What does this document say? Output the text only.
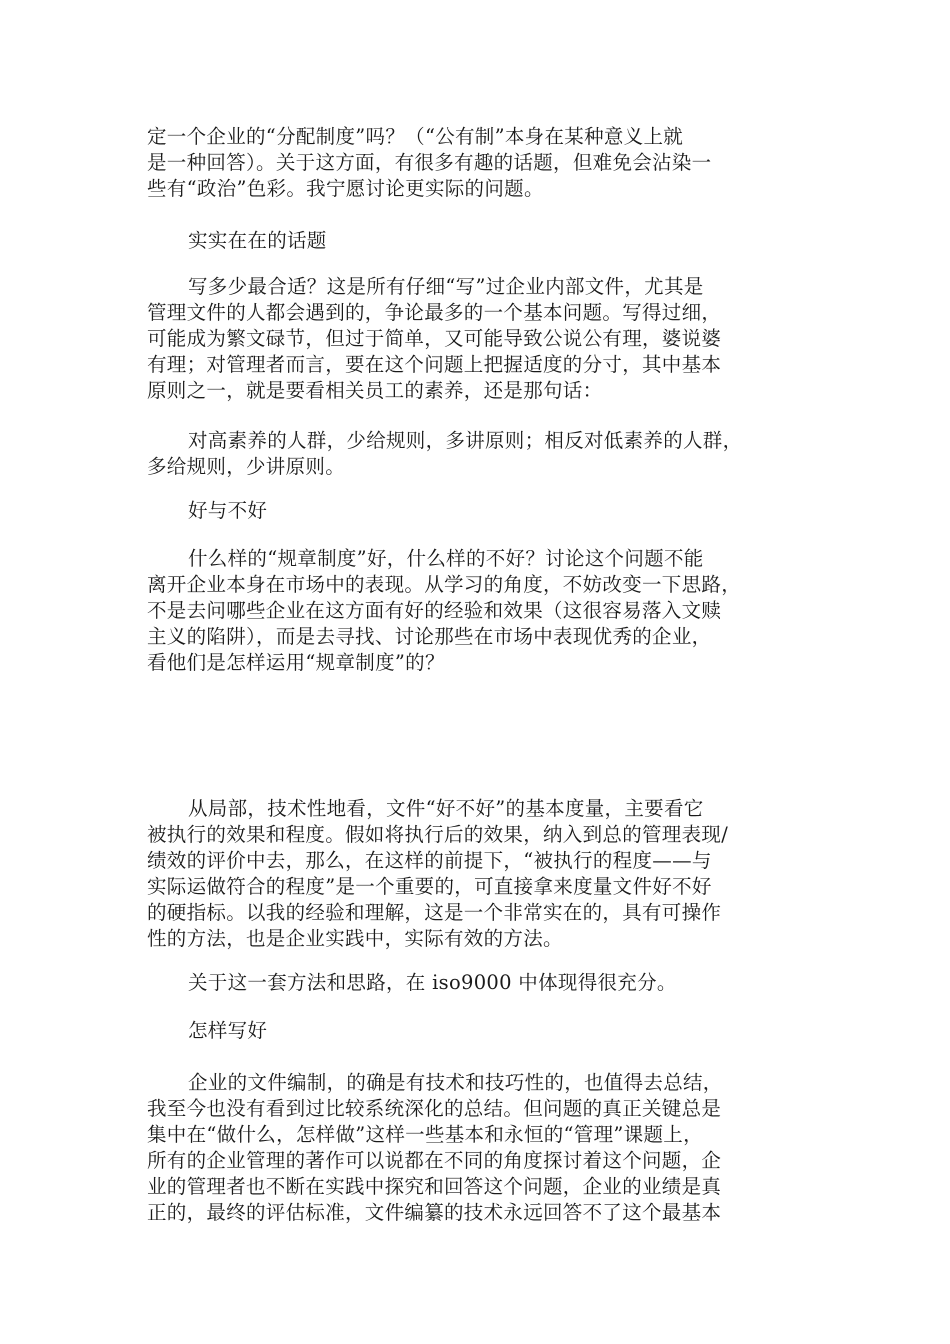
定一个企业的“分配制度”吗？（“公有制”本身在某种意义上就
是一种回答）。关于这方面，有很多有趣的话题，但难免会沾染一
些有“政治”色彩。我宁愿讨论更实际的问题。
实实在在的话题
写多少最合适？这是所有仔细“写”过企业内部文件，尤其是
管理文件的人都会遇到的，争论最多的一个基本问题。写得过细，
可能成为繁文碌节，但过于简单，又可能导致公说公有理，婆说婆
有理；对管理者而言，要在这个问题上把握适度的分寸，其中基本
原则之一，就是要看相关员工的素养，还是那句话：
对高素养的人群，少给规则，多讲原则；相反对低素养的人群，
多给规则，少讲原则。
好与不好
什么样的“规章制度”好，什么样的不好？讨论这个问题不能
离开企业本身在市场中的表现。从学习的角度，不妨改变一下思路，
不是去问哪些企业在这方面有好的经验和效果（这很容易落入文赎
主义的陷阱），而是去寻找、讨论那些在市场中表现优秀的企业，
看他们是怎样运用“规章制度”的？
从局部，技术性地看，文件“好不好”的基本度量，主要看它
被执行的效果和程度。假如将执行后的效果，纳入到总的管理表现/
绩效的评价中去，那么，在这样的前提下，“被执行的程度——与
实际运做符合的程度”是一个重要的，可直接拿来度量文件好不好
的硬指标。以我的经验和理解，这是一个非常实在的，具有可操作
性的方法，也是企业实践中，实际有效的方法。
关于这一套方法和思路，在 iso9000 中体现得很充分。
怎样写好
企业的文件编制，的确是有技术和技巧性的，也值得去总结，
我至今也没有看到过比较系统深化的总结。但问题的真正关键总是
集中在“做什么，怎样做”这样一些基本和永恒的“管理”课题上，
所有的企业管理的著作可以说都在不同的角度探讨着这个问题，企
业的管理者也不断在实践中探究和回答这个问题，企业的业绩是真
正的，最终的评估标准，文件编纂的技术永远回答不了这个最基本
